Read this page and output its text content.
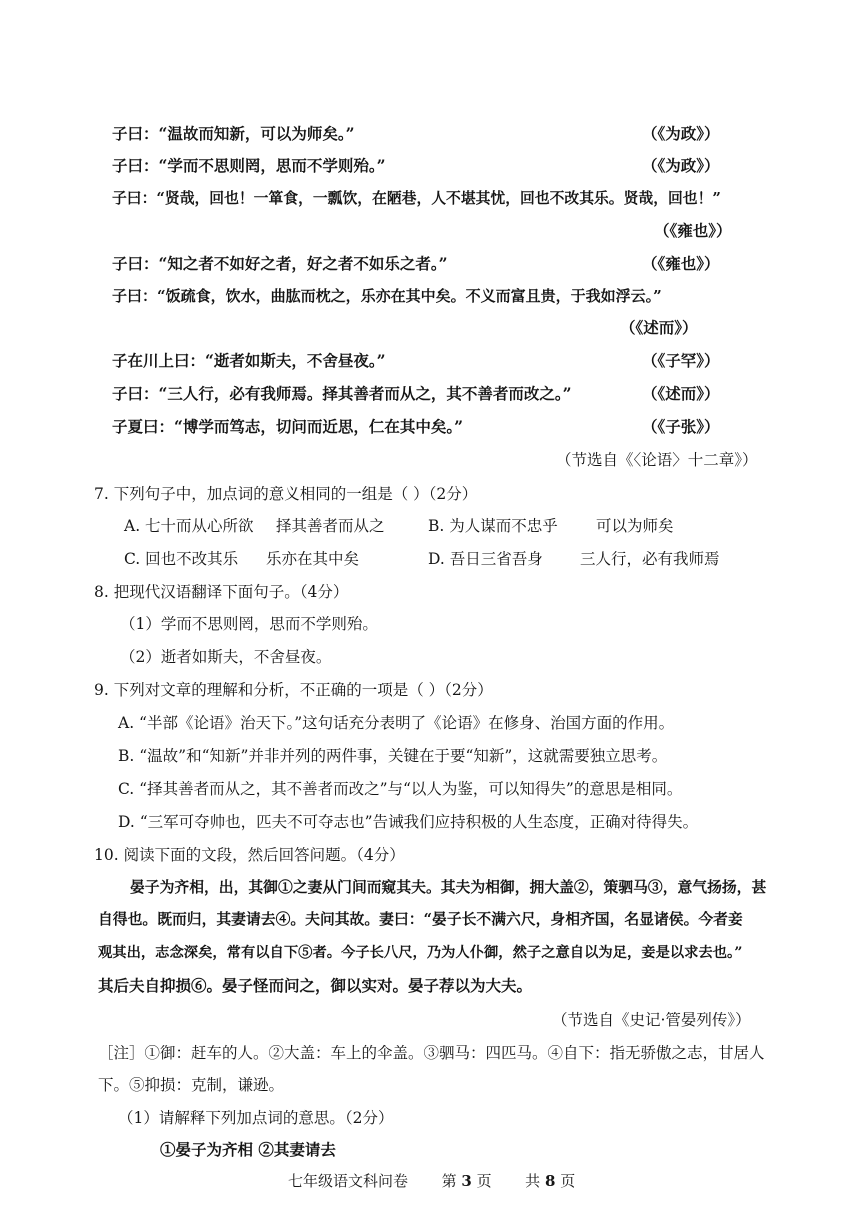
子曰：“温故而知新，可以为师矣。”	（《为政》）
子曰：“学而不思则罔，思而不学则殆。”	（《为政》）
子曰：“贤哉，回也！一箪食，一瓢饮，在陋巷，人不堪其忧，回也不改其乐。贤哉，回也！”
（《雍也》）
子曰：“知之者不如好之者，好之者不如乐之者。”	（《雍也》）
子曰：“饭疏食，饮水，曲肱而枕之，乐亦在其中矣。不义而富且贵，于我如浮云。”
（《述而》）
子在川上曰：“逝者如斯夫，不舍昼夜。”	（《子罕》）
子曰：“三人行，必有我师焉。择其善者而从之，其不善者而改之。”	（《述而》）
子夏曰：“博学而笃志，切问而近思，仁在其中矣。”	（《子张》）
（节选自《〈论语〉十二章》）
7. 下列句子中，加点词的意义相同的一组是（ ）（2分）
A. 七十而从心所欲 择其善者而从之	B. 为人谋而不忠乎 可以为师矣
C. 回也不改其乐 乐亦在其中矣	D. 吾日三省吾身 三人行，必有我师焉
8. 把现代汉语翻译下面句子。（4分）
（1）学而不思则罔，思而不学则殆。
（2）逝者如斯夫，不舍昼夜。
9. 下列对文章的理解和分析，不正确的一项是（ ）（2分）
A. “半部《论语》治天下。”这句话充分表明了《论语》在修身、治国方面的作用。
B. “温故”和“知新”并非并列的两件事，关键在于要“知新”，这就需要独立思考。
C. “择其善者而从之，其不善者而改之”与“以人为鉴，可以知得失”的意思是相同。
D. “三军可夺帅也，匹夫不可夺志也”告诫我们应持积极的人生态度，正确对待得失。
10. 阅读下面的文段，然后回答问题。（4分）
晏子为齐相，出，其御①之妻从门间而窥其夫。其夫为相御，拥大盖②，策驷马③，意气扬扬，甚
自得也。既而归，其妻请去④。夫问其故。妻曰：“晏子长不满六尺，身相齐国，名显诸侯。今者妾
观其出，志念深矣，常有以自下⑤者。今子长八尺，乃为人仆御，然子之意自以为足，妾是以求去也。”
其后夫自抑损⑥。晏子怪而问之，御以实对。晏子荐以为大夫。
（节选自《史记·管晏列传》）
［注］①御：赶车的人。②大盖：车上的伞盖。③驷马：四匹马。④自下：指无骄傲之志，甘居人
下。⑤抑损：克制，谦逊。
（1）请解释下列加点词的意思。（2分）
①晏子为齐相 ②其妻请去
七年级语文科问卷 第 3 页 共 8 页
